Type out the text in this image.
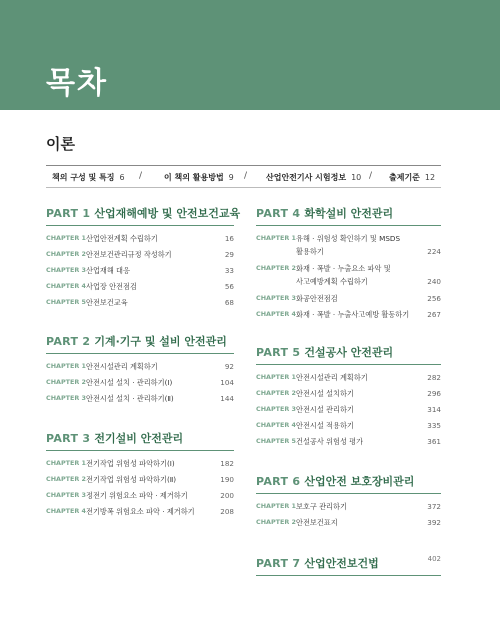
목차
이론
책의 구성 및 특징 6 /	이 책의 활용방법 9 / 산업안전기사 시험정보 10 / 출제기준 12
PART 1 산업재해예방 및 안전보건교육
CHAPTER 1 산업안전계획 수립하기	16
CHAPTER 2 안전보건관리규정 작성하기	29
CHAPTER 3 산업재해 대응	33
CHAPTER 4 사업장 안전점검	56
CHAPTER 5 안전보건교육	68
PART 2 기계·기구 및 설비 안전관리
CHAPTER 1 안전시설관리 계획하기	92
CHAPTER 2 안전시설 설치 · 관리하기(Ⅰ)	104
CHAPTER 3 안전시설 설치 · 관리하기(Ⅱ)	144
PART 3 전기설비 안전관리
CHAPTER 1 전기작업 위험성 파악하기(Ⅰ)	182
CHAPTER 2 전기작업 위험성 파악하기(Ⅱ)	190
CHAPTER 3 정전기 위험요소 파악 · 제거하기	200
CHAPTER 4 전기방폭 위험요소 파악 · 제거하기	208
PART 4 화학설비 안전관리
CHAPTER 1 유해 · 위험성 확인하기 및 MSDS
활용하기	224
CHAPTER 2 화재 · 폭발 · 누출요소 파악 및
사고예방계획 수립하기	240
CHAPTER 3 화공안전점검	256
CHAPTER 4 화재 · 폭발 · 누출사고예방 활동하기	267
PART 5 건설공사 안전관리
CHAPTER 1 안전시설관리 계획하기	282
CHAPTER 2 안전시설 설치하기	296
CHAPTER 3 안전시설 관리하기	314
CHAPTER 4 안전시설 적용하기	335
CHAPTER 5 건설공사 위험성 평가	361
PART 6 산업안전 보호장비관리
CHAPTER 1 보호구 관리하기	372
CHAPTER 2 안전보건표지	392
PART 7 산업안전보건법	402
